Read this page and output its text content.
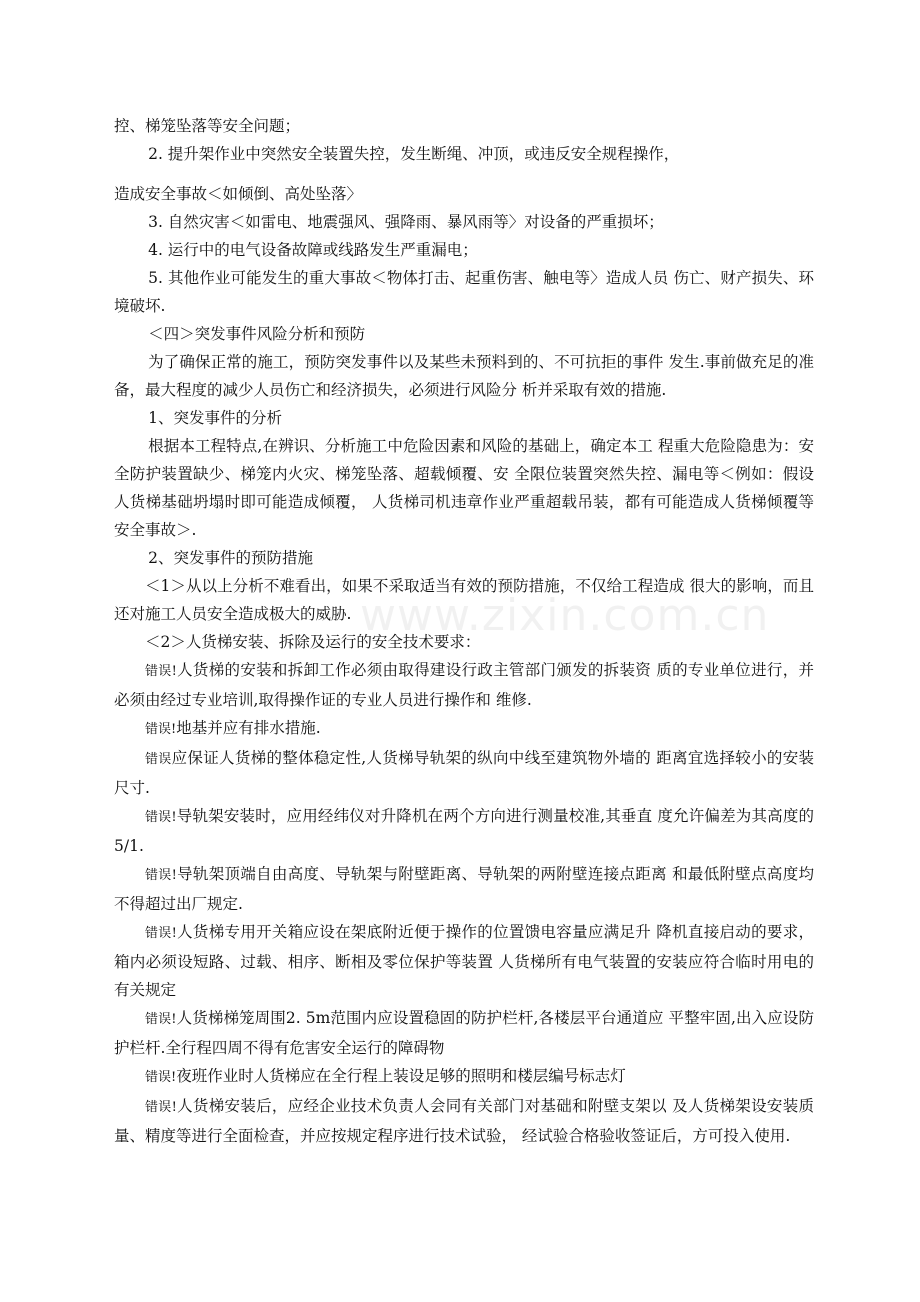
控、梯笼坠落等安全问题；

2. 提升架作业中突然安全装置失控，发生断绳、冲顶，或违反安全规程操作，

造成安全事故＜如倾倒、高处坠落〉

3. 自然灾害＜如雷电、地震强风、强降雨、暴风雨等〉对设备的严重损坏；

4. 运行中的电气设备故障或线路发生严重漏电；

5. 其他作业可能发生的重大事故＜物体打击、起重伤害、触电等〉造成人员 伤亡、财产损失、环境破坏.

＜四＞突发事件风险分析和预防

为了确保正常的施工，预防突发事件以及某些未预料到的、不可抗拒的事件 发生.事前做充足的准备，最大程度的减少人员伤亡和经济损失，必须进行风险分 析并采取有效的措施.

1、突发事件的分析

根据本工程特点,在辨识、分析施工中危险因素和风险的基础上，确定本工 程重大危险隐患为：安全防护装置缺少、梯笼内火灾、梯笼坠落、超载倾覆、安 全限位装置突然失控、漏电等＜例如：假设人货梯基础坍塌时即可能造成倾覆， 人货梯司机违章作业严重超载吊装，都有可能造成人货梯倾覆等安全事故＞.

2、突发事件的预防措施

＜1＞从以上分析不难看出，如果不采取适当有效的预防措施，不仅给工程造成 很大的影响，而且还对施工人员安全造成极大的威胁.

＜2＞人货梯安装、拆除及运行的安全技术要求：

错误!人货梯的安装和拆卸工作必须由取得建设行政主管部门颁发的拆装资 质的专业单位进行，并必须由经过专业培训,取得操作证的专业人员进行操作和 维修.

错误!地基并应有排水措施.

错误应保证人货梯的整体稳定性,人货梯导轨架的纵向中线至建筑物外墙的 距离宜选择较小的安装尺寸.

错误!导轨架安装时，应用经纬仪对升降机在两个方向进行测量校准,其垂直 度允许偏差为其高度的5/1.

错误!导轨架顶端自由高度、导轨架与附壁距离、导轨架的两附壁连接点距离 和最低附壁点高度均不得超过出厂规定.

错误!人货梯专用开关箱应设在架底附近便于操作的位置馈电容量应满足升 降机直接启动的要求，箱内必须设短路、过载、相序、断相及零位保护等装置 人货梯所有电气装置的安装应符合临时用电的有关规定

错误!人货梯梯笼周围2. 5m范围内应设置稳固的防护栏杆,各楼层平台通道应 平整牢固,出入应设防护栏杆.全行程四周不得有危害安全运行的障碍物

错误!夜班作业时人货梯应在全行程上装设足够的照明和楼层编号标志灯

错误!人货梯安装后，应经企业技术负责人会同有关部门对基础和附壁支架以 及人货梯架设安装质量、精度等进行全面检查，并应按规定程序进行技术试验， 经试验合格验收签证后，方可投入使用.

www.zixin.com.cn
